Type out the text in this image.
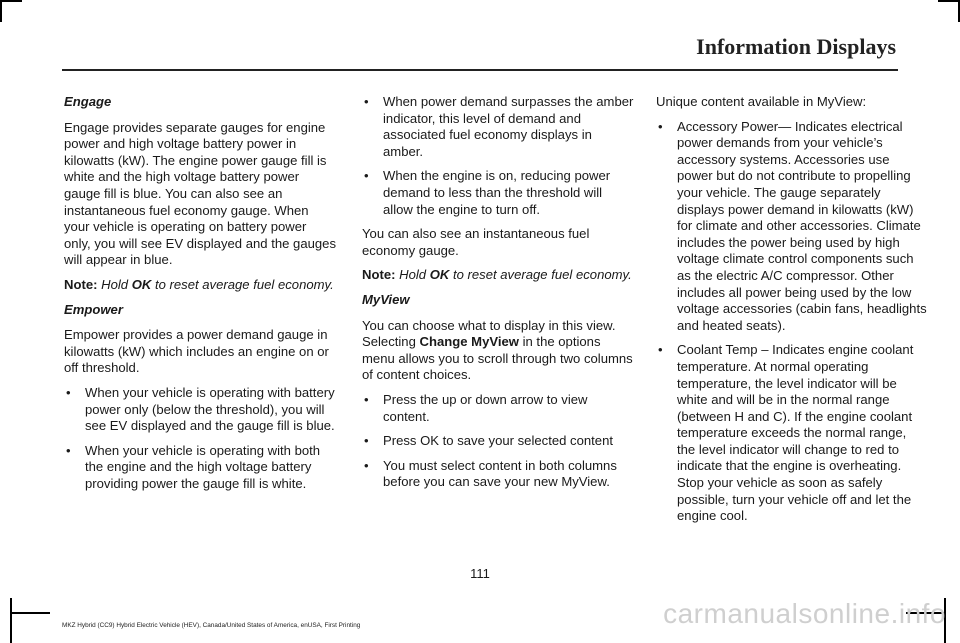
Information Displays

Engage

Engage provides separate gauges for engine power and high voltage battery power in kilowatts (kW). The engine power gauge fill is white and the high voltage battery power gauge fill is blue. You can also see an instantaneous fuel economy gauge. When your vehicle is operating on battery power only, you will see EV displayed and the gauges will appear in blue.

Note: Hold OK to reset average fuel economy.

Empower

Empower provides a power demand gauge in kilowatts (kW) which includes an engine on or off threshold.

• When your vehicle is operating with battery power only (below the threshold), you will see EV displayed and the gauge fill is blue.
• When your vehicle is operating with both the engine and the high voltage battery providing power the gauge fill is white.
• When power demand surpasses the amber indicator, this level of demand and associated fuel economy displays in amber.
• When the engine is on, reducing power demand to less than the threshold will allow the engine to turn off.

You can also see an instantaneous fuel economy gauge.

Note: Hold OK to reset average fuel economy.

MyView

You can choose what to display in this view. Selecting Change MyView in the options menu allows you to scroll through two columns of content choices.

• Press the up or down arrow to view content.
• Press OK to save your selected content
• You must select content in both columns before you can save your new MyView.

Unique content available in MyView:

• Accessory Power— Indicates electrical power demands from your vehicle’s accessory systems. Accessories use power but do not contribute to propelling your vehicle. The gauge separately displays power demand in kilowatts (kW) for climate and other accessories. Climate includes the power being used by high voltage climate control components such as the electric A/C compressor. Other includes all power being used by the low voltage accessories (cabin fans, headlights and heated seats).
• Coolant Temp – Indicates engine coolant temperature. At normal operating temperature, the level indicator will be white and will be in the normal range (between H and C). If the engine coolant temperature exceeds the normal range, the level indicator will change to red to indicate that the engine is overheating. Stop your vehicle as soon as safely possible, turn your vehicle off and let the engine cool.
111
MKZ Hybrid (CC9) Hybrid Electric Vehicle (HEV), Canada/United States of America, enUSA, First Printing	carmanualsonline.info
